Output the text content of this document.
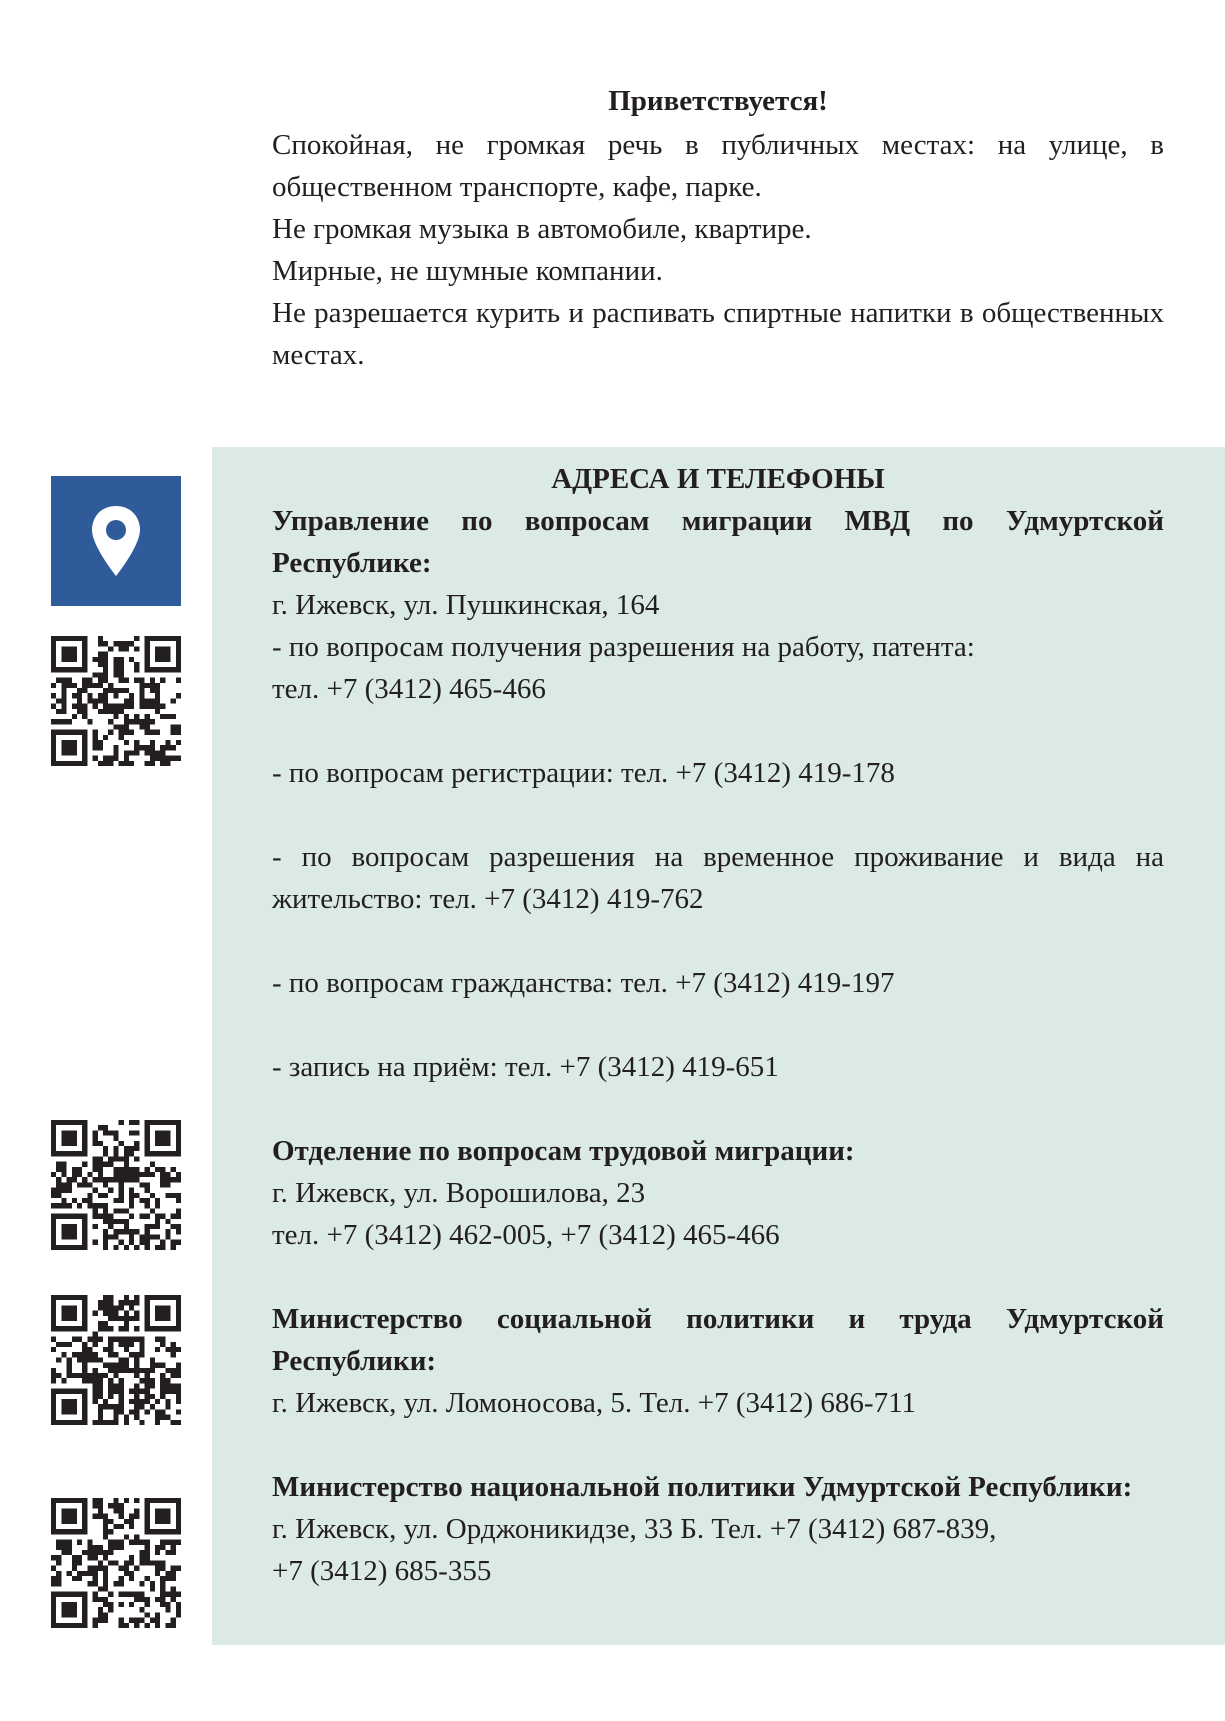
Приветствуется!

Спокойная, не громкая речь в публичных местах: на улице, в общественном транспорте, кафе, парке.

Не громкая музыка в автомобиле, квартире.

Мирные, не шумные компании.

Не разрешается курить и распивать спиртные напитки в общественных местах.

АДРЕСА И ТЕЛЕФОНЫ

Управление по вопросам миграции МВД по Удмуртской Республике:

г. Ижевск, ул. Пушкинская, 164

- по вопросам получения разрешения на работу, патента:

тел. +7 (3412) 465-466

- по вопросам регистрации: тел. +7 (3412) 419-178

- по вопросам разрешения на временное проживание и вида на жительство: тел. +7 (3412) 419-762

- по вопросам гражданства: тел. +7 (3412) 419-197

- запись на приём: тел. +7 (3412) 419-651

Отделение по вопросам трудовой миграции:

г. Ижевск, ул. Ворошилова, 23

тел. +7 (3412) 462-005, +7 (3412) 465-466

Министерство социальной политики и труда Удмуртской Республики:

г. Ижевск, ул. Ломоносова, 5. Тел. +7 (3412) 686-711

Министерство национальной политики Удмуртской Республики:

г. Ижевск, ул. Орджоникидзе, 33 Б. Тел. +7 (3412) 687-839,

+7 (3412) 685-355
